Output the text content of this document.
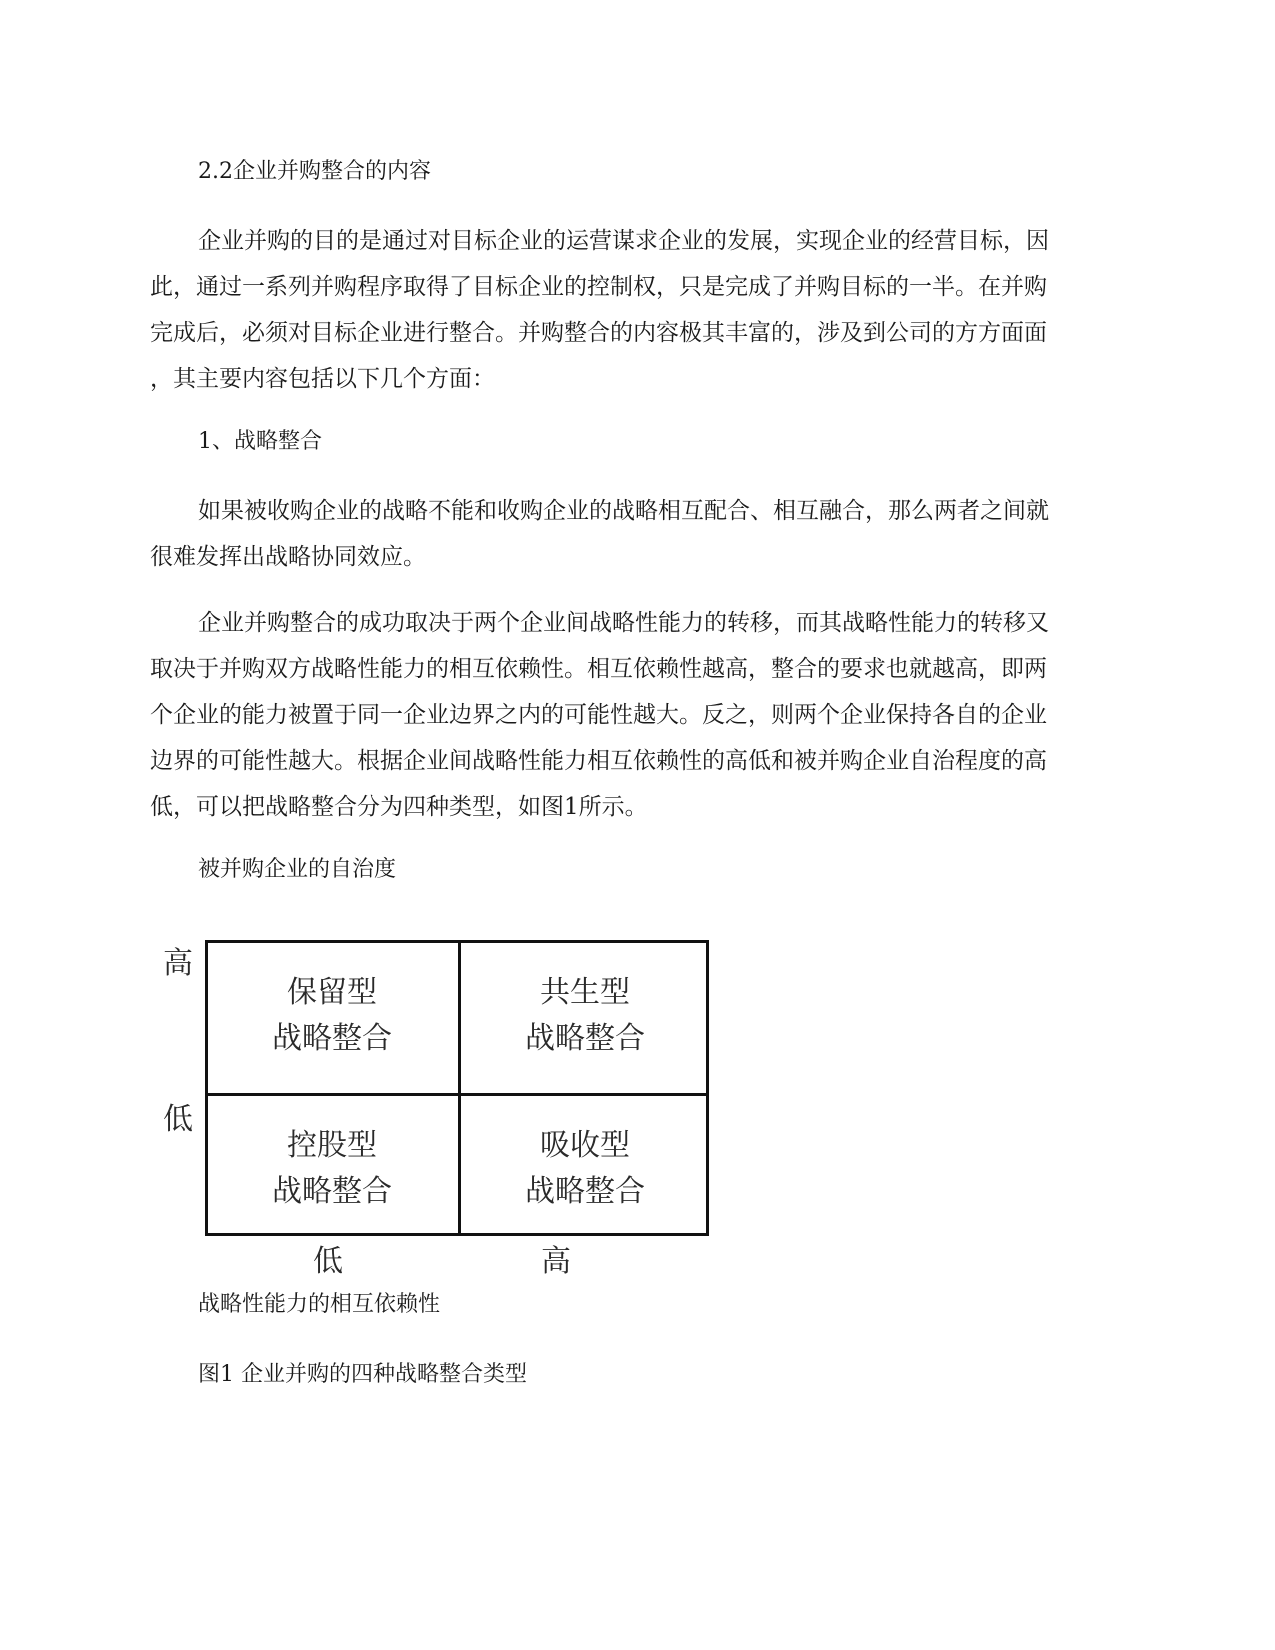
2.2企业并购整合的内容
企业并购的目的是通过对目标企业的运营谋求企业的发展，实现企业的经营目标，因
此，通过一系列并购程序取得了目标企业的控制权，只是完成了并购目标的一半。在并购
完成后，必须对目标企业进行整合。并购整合的内容极其丰富的，涉及到公司的方方面面
，其主要内容包括以下几个方面：
1、战略整合
如果被收购企业的战略不能和收购企业的战略相互配合、相互融合，那么两者之间就
很难发挥出战略协同效应。
企业并购整合的成功取决于两个企业间战略性能力的转移，而其战略性能力的转移又
取决于并购双方战略性能力的相互依赖性。相互依赖性越高，整合的要求也就越高，即两
个企业的能力被置于同一企业边界之内的可能性越大。反之，则两个企业保持各自的企业
边界的可能性越大。根据企业间战略性能力相互依赖性的高低和被并购企业自治程度的高
低，可以把战略整合分为四种类型，如图1所示。
被并购企业的自治度
高
低
保留型
战略整合
共生型
战略整合
控股型
战略整合
吸收型
战略整合
低	高
战略性能力的相互依赖性
图1 企业并购的四种战略整合类型
